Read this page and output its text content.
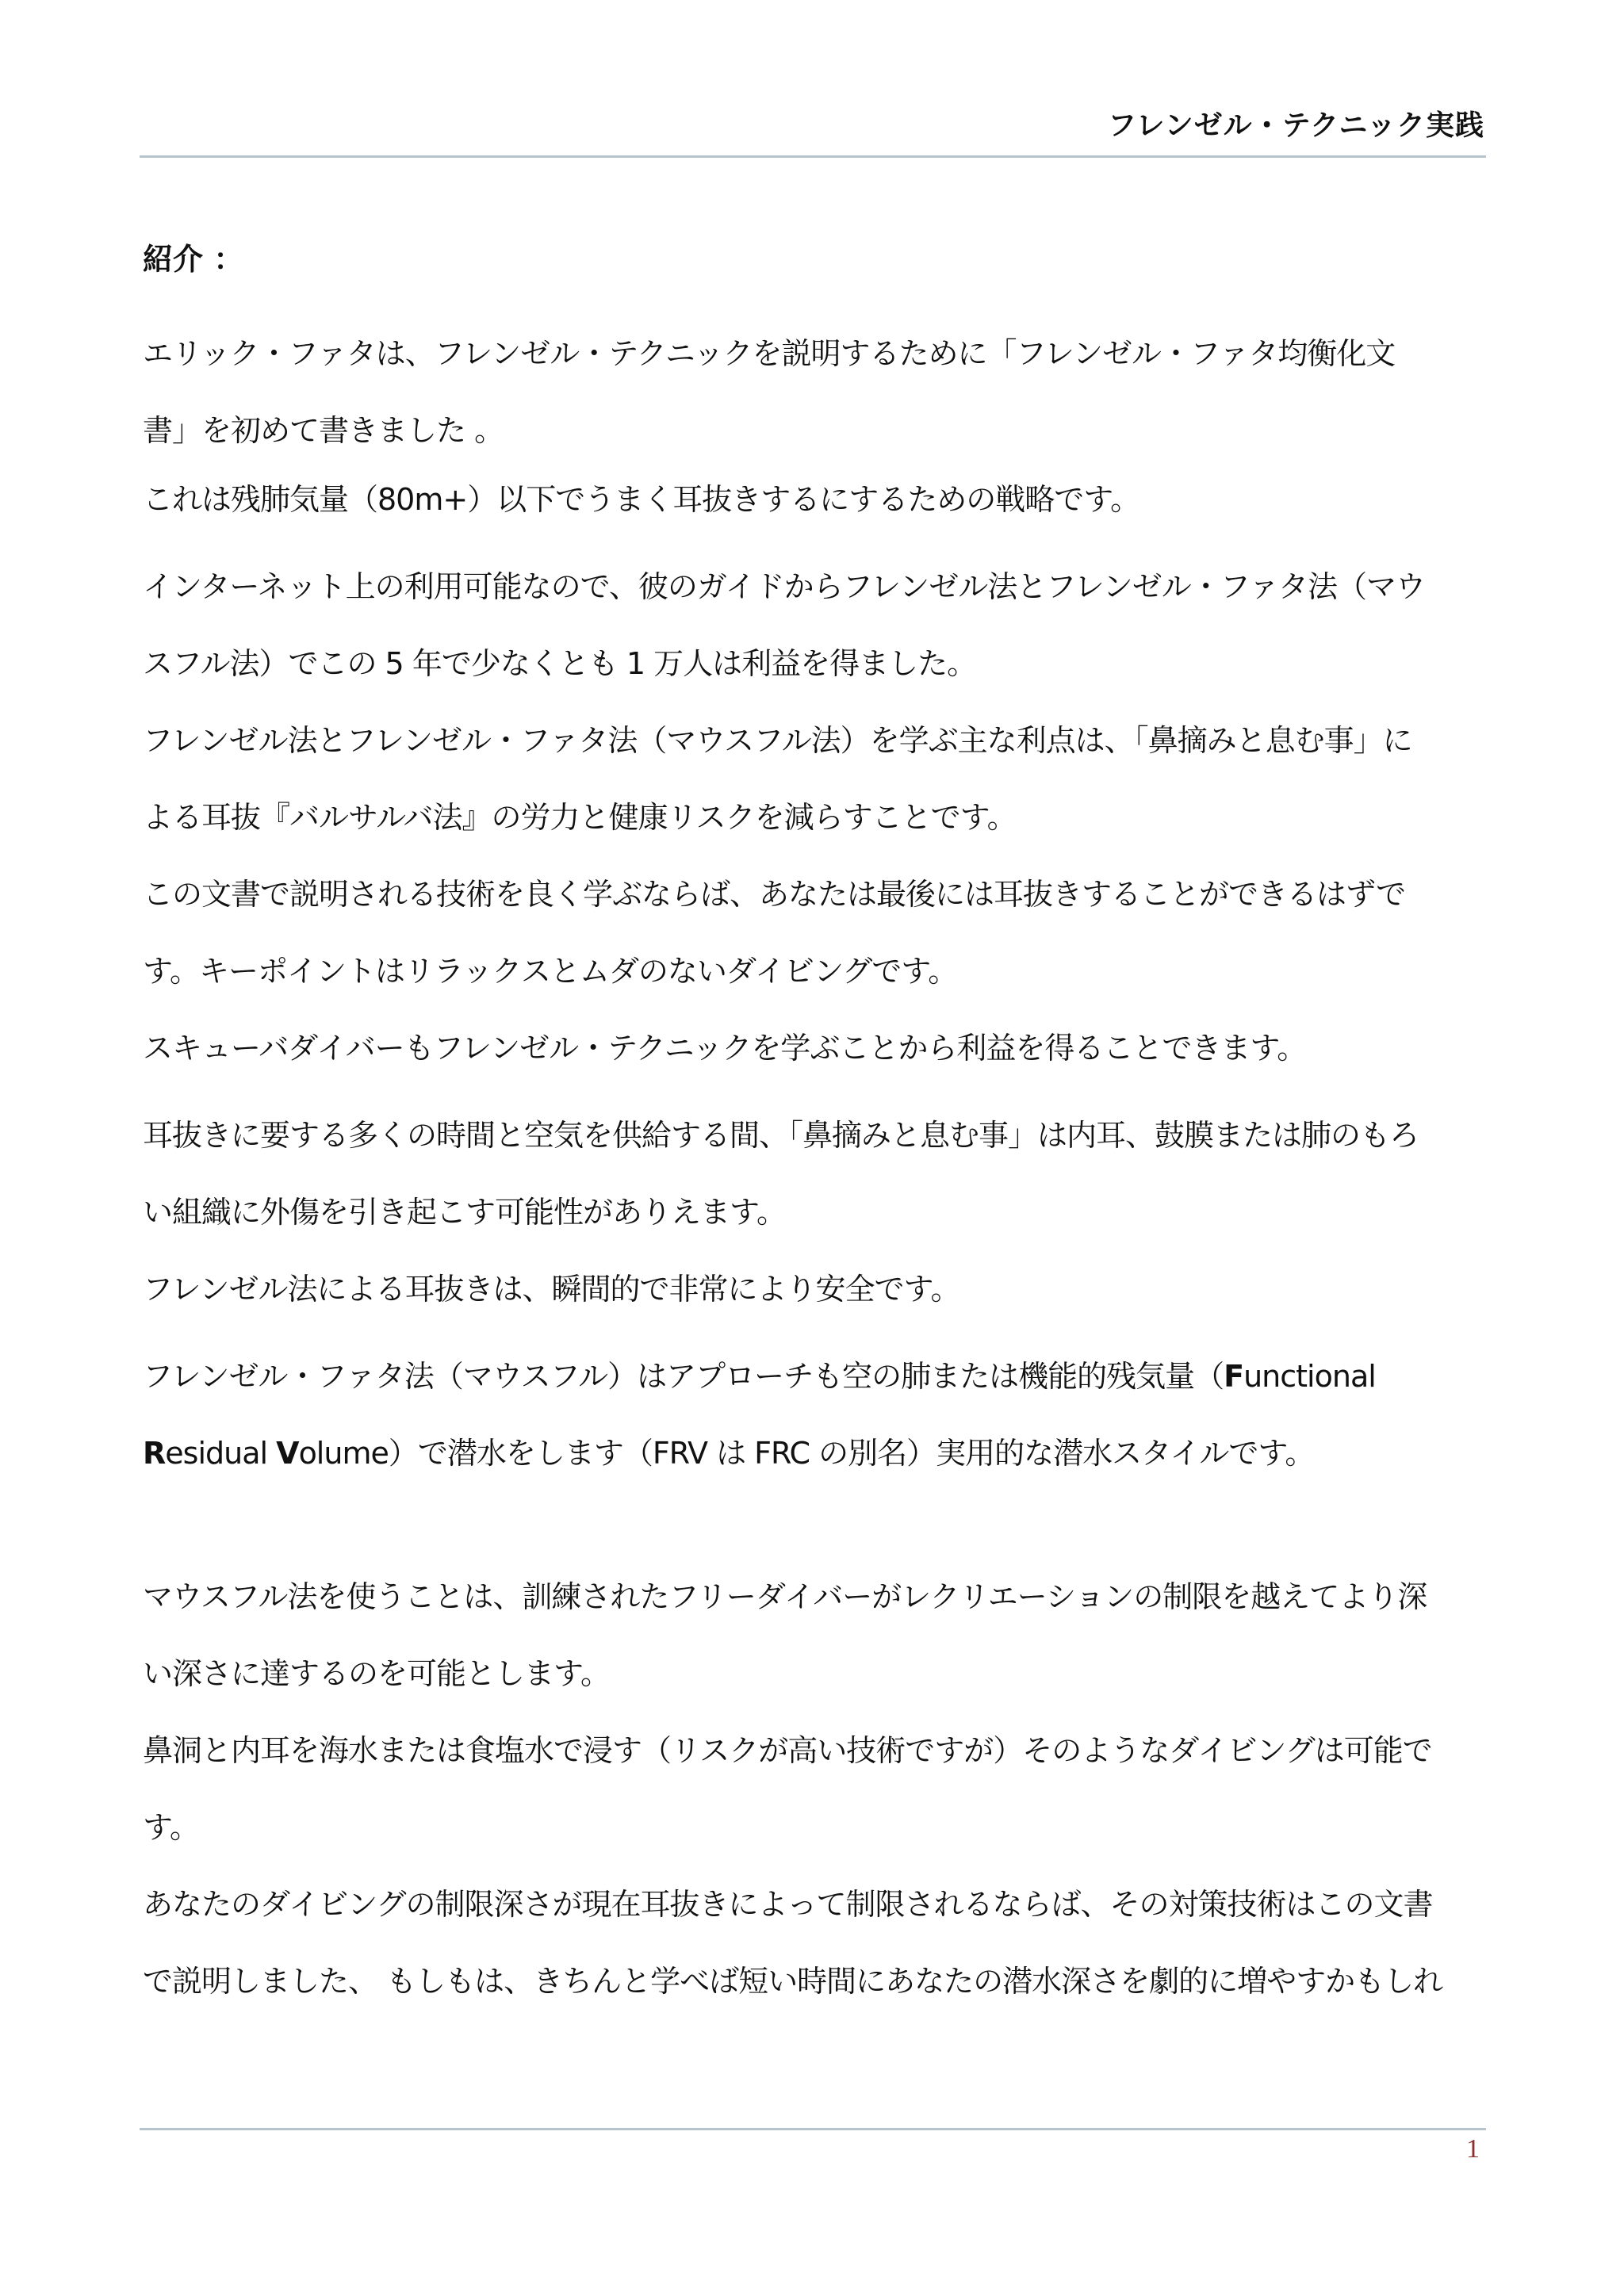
フレンゼル・テクニック実践
紹介 ：
エリック・ファタは、フレンゼル・テクニックを説明するために「フレンゼル・ファタ均衡化文
書」を初めて書きました 。
これは残肺気量（80m+）以下でうまく耳抜きするにするための戦略です。
インターネット上の利用可能なので、彼のガイドからフレンゼル法とフレンゼル・ファタ法（マウ
スフル法）でこの 5 年で少なくとも 1 万人は利益を得ました。
フレンゼル法とフレンゼル・ファタ法（マウスフル法）を学ぶ主な利点は、「鼻摘みと息む事」に
よる耳抜『バルサルバ法』の労力と健康リスクを減らすことです。
この文書で説明される技術を良く学ぶならば、あなたは最後には耳抜きすることができるはずで
す。キーポイントはリラックスとムダのないダイビングです。
スキューバダイバーもフレンゼル・テクニックを学ぶことから利益を得ることできます。
耳抜きに要する多くの時間と空気を供給する間、「鼻摘みと息む事」は内耳、鼓膜または肺のもろ
い組織に外傷を引き起こす可能性がありえます。
フレンゼル法による耳抜きは、瞬間的で非常により安全です。
フレンゼル・ファタ法（マウスフル）はアプローチも空の肺または機能的残気量（Functional
Residual Volume）で潜水をします（FRV は FRC の別名）実用的な潜水スタイルです。
マウスフル法を使うことは、訓練されたフリーダイバーがレクリエーションの制限を越えてより深
い深さに達するのを可能とします。
鼻洞と内耳を海水または食塩水で浸す（リスクが高い技術ですが）そのようなダイビングは可能で
す。
あなたのダイビングの制限深さが現在耳抜きによって制限されるならば、その対策技術はこの文書
で説明しました、 もしもは、きちんと学べば短い時間にあなたの潜水深さを劇的に増やすかもしれ
1
